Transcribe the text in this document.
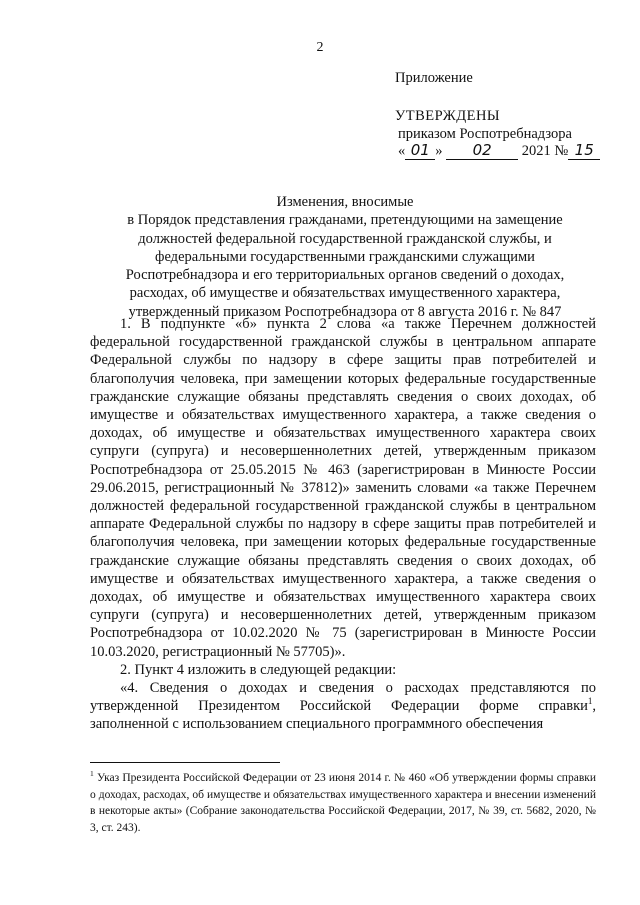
2
Приложение
УТВЕРЖДЕНЫ
приказом Роспотребнадзора
« 01 » 02 2021 № 15
Изменения, вносимые
в Порядок представления гражданами, претендующими на замещение должностей федеральной государственной гражданской службы, и федеральными государственными гражданскими служащими Роспотребнадзора и его территориальных органов сведений о доходах, расходах, об имуществе и обязательствах имущественного характера, утвержденный приказом Роспотребнадзора от 8 августа 2016 г. № 847

1. В подпункте «б» пункта 2 слова «а также Перечнем должностей федеральной государственной гражданской службы в центральном аппарате Федеральной службы по надзору в сфере защиты прав потребителей и благополучия человека, при замещении которых федеральные государственные гражданские служащие обязаны представлять сведения о своих доходах, об имуществе и обязательствах имущественного характера, а также сведения о доходах, об имуществе и обязательствах имущественного характера своих супруги (супруга) и несовершеннолетних детей, утвержденным приказом Роспотребнадзора от 25.05.2015 № 463 (зарегистрирован в Минюсте России 29.06.2015, регистрационный № 37812)» заменить словами «а также Перечнем должностей федеральной государственной гражданской службы в центральном аппарате Федеральной службы по надзору в сфере защиты прав потребителей и благополучия человека, при замещении которых федеральные государственные гражданские служащие обязаны представлять сведения о своих доходах, об имуществе и обязательствах имущественного характера, а также сведения о доходах, об имуществе и обязательствах имущественного характера своих супруги (супруга) и несовершеннолетних детей, утвержденным приказом Роспотребнадзора от 10.02.2020 № 75 (зарегистрирован в Минюсте России 10.03.2020, регистрационный № 57705)».

2. Пункт 4 изложить в следующей редакции:

«4. Сведения о доходах и сведения о расходах представляются по утвержденной Президентом Российской Федерации форме справки$^1$, заполненной с использованием специального программного обеспечения

$^1$ Указ Президента Российской Федерации от 23 июня 2014 г. № 460 «Об утверждении формы справки о доходах, расходах, об имуществе и обязательствах имущественного характера и внесении изменений в некоторые акты» (Собрание законодательства Российской Федерации, 2017, № 39, ст. 5682, 2020, № 3, ст. 243).
